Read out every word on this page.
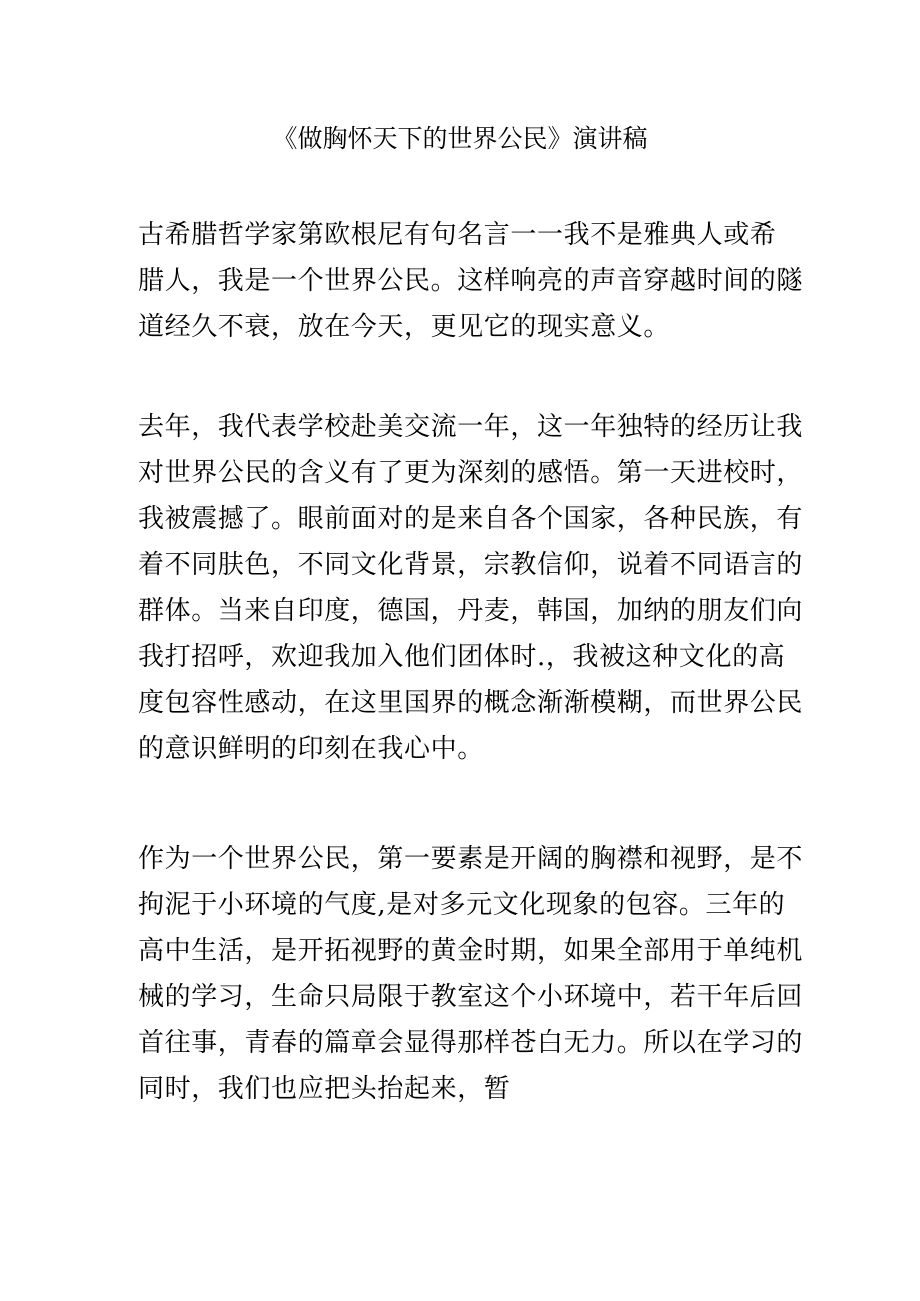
《做胸怀天下的世界公民》演讲稿
古希腊哲学家第欧根尼有句名言一一我不是雅典人或希
腊人，我是一个世界公民。这样响亮的声音穿越时间的隧
道经久不衰，放在今天，更见它的现实意义。
去年，我代表学校赴美交流一年，这一年独特的经历让我
对世界公民的含义有了更为深刻的感悟。第一天进校时，
我被震撼了。眼前面对的是来自各个国家，各种民族，有
着不同肤色，不同文化背景，宗教信仰，说着不同语言的
群体。当来自印度，德国，丹麦，韩国，加纳的朋友们向
我打招呼，欢迎我加入他们团体时.，我被这种文化的高
度包容性感动，在这里国界的概念渐渐模糊，而世界公民
的意识鲜明的印刻在我心中。
作为一个世界公民，第一要素是开阔的胸襟和视野，是不
拘泥于小环境的气度,是对多元文化现象的包容。三年的
高中生活，是开拓视野的黄金时期，如果全部用于单纯机
械的学习，生命只局限于教室这个小环境中，若干年后回
首往事，青春的篇章会显得那样苍白无力。所以在学习的
同时，我们也应把头抬起来，暂
